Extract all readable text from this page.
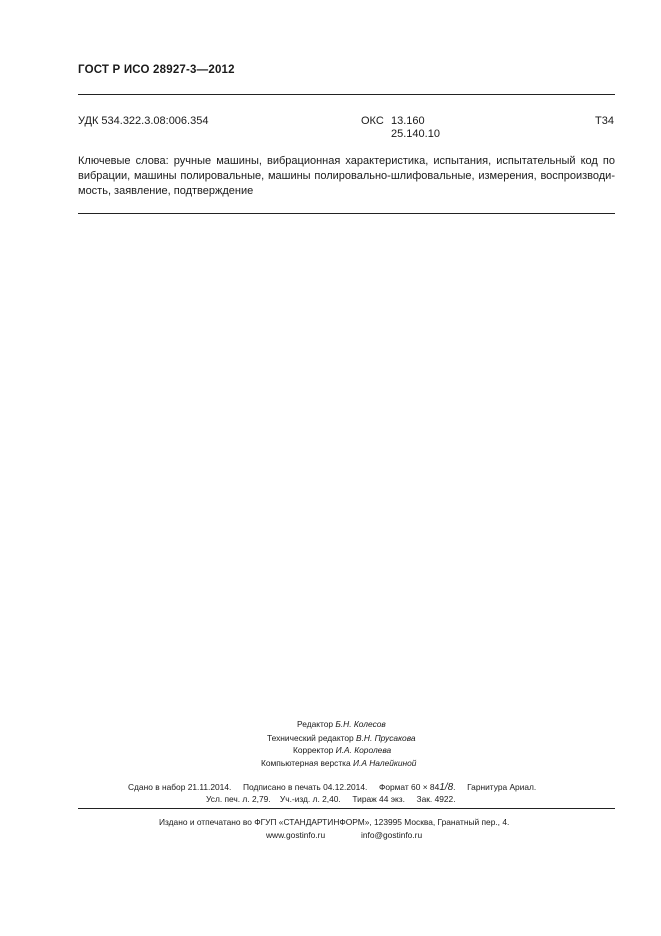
ГОСТ Р ИСО 28927-3—2012
УДК 534.322.3.08:006.354	ОКС 13.160
25.140.10
Т34
Ключевые слова: ручные машины, вибрационная характеристика, испытания, испытательный код по вибрации, машины полировальные, машины полировально-шлифовальные, измерения, воспроизводи-мость, заявление, подтверждение
Редактор Б.Н. Колесов
Технический редактор В.Н. Прусакова
Корректор И.А. Королева
Компьютерная верстка И.А Налейкиной
Сдано в набор 21.11.2014. Подписано в печать 04.12.2014. Формат 60 × 841/8.     Гарнитура Ариал.
Усл. печ. л. 2,79. Уч.-изд. л. 2,40. Тираж 44 экз. Зак. 4922.
Издано и отпечатано во ФГУП «СТАНДАРТИНФОРМ», 123995 Москва, Гранатный пер., 4.
www.gostinfo.ru	info@gostinfo.ru
